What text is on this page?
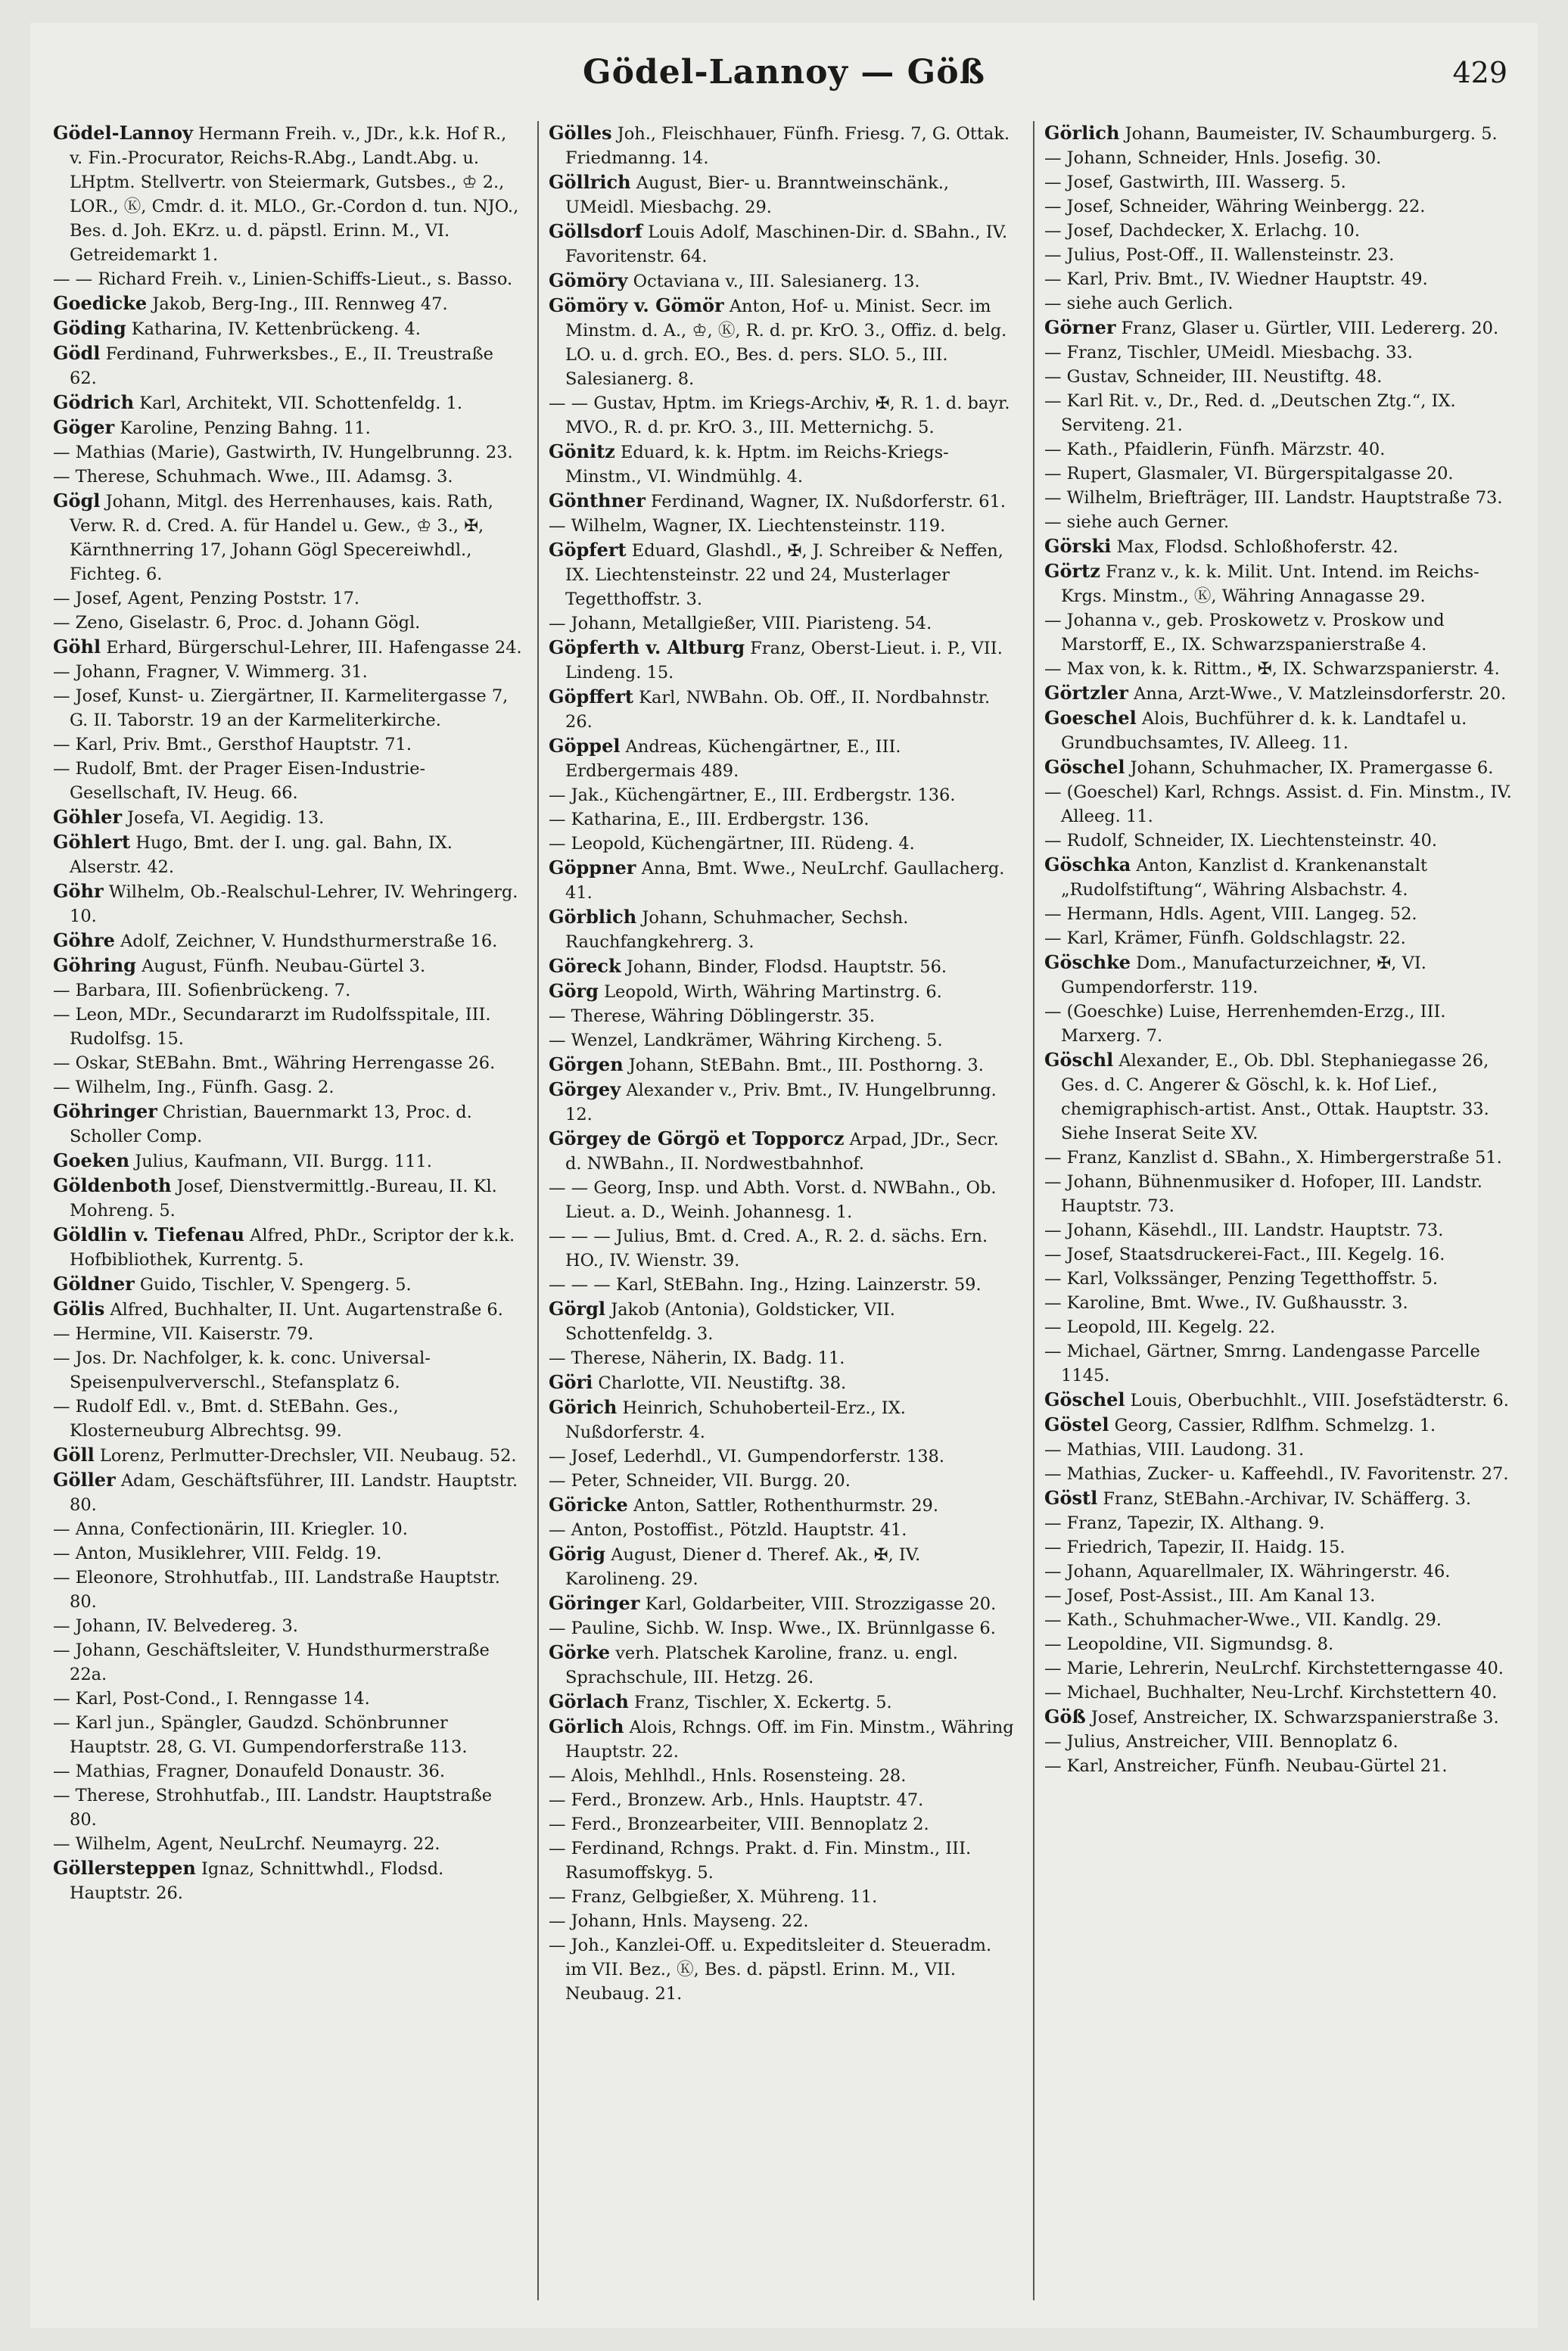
Gödel-Lannoy — Göß	429

Gödel-Lannoy Hermann Freih. v., JDr., k.k. Hof R., v. Fin.-Procurator, Reichs-R.Abg., Landt.Abg. u. LHptm. Stellvertr. von Steiermark, Gutsbes., ♔ 2., LOR., Ⓚ, Cmdr. d. it. MLO., Gr.-Cordon d. tun. NJO., Bes. d. Joh. EKrz. u. d. päpstl. Erinn. M., VI. Getreidemarkt 1.

— — Richard Freih. v., Linien-Schiffs-Lieut., s. Basso.

Goedicke Jakob, Berg-Ing., III. Rennweg 47.

Göding Katharina, IV. Kettenbrückeng. 4.

Gödl Ferdinand, Fuhrwerksbes., E., II. Treustraße 62.

Gödrich Karl, Architekt, VII. Schottenfeldg. 1.

Göger Karoline, Penzing Bahng. 11.

— Mathias (Marie), Gastwirth, IV. Hungelbrunng. 23.

— Therese, Schuhmach. Wwe., III. Adamsg. 3.

Gögl Johann, Mitgl. des Herrenhauses, kais. Rath, Verw. R. d. Cred. A. für Handel u. Gew., ♔ 3., ✠, Kärnthnerring 17, Johann Gögl Specereiwhdl., Fichteg. 6.

— Josef, Agent, Penzing Poststr. 17.

— Zeno, Giselastr. 6, Proc. d. Johann Gögl.

Göhl Erhard, Bürgerschul-Lehrer, III. Hafengasse 24.

— Johann, Fragner, V. Wimmerg. 31.

— Josef, Kunst- u. Ziergärtner, II. Karmelitergasse 7, G. II. Taborstr. 19 an der Karmeliterkirche.

— Karl, Priv. Bmt., Gersthof Hauptstr. 71.

— Rudolf, Bmt. der Prager Eisen-Industrie-Gesellschaft, IV. Heug. 66.

Göhler Josefa, VI. Aegidig. 13.

Göhlert Hugo, Bmt. der I. ung. gal. Bahn, IX. Alserstr. 42.

Göhr Wilhelm, Ob.-Realschul-Lehrer, IV. Wehringerg. 10.

Göhre Adolf, Zeichner, V. Hundsthurmerstraße 16.

Göhring August, Fünfh. Neubau-Gürtel 3.

— Barbara, III. Sofienbrückeng. 7.

— Leon, MDr., Secundararzt im Rudolfsspitale, III. Rudolfsg. 15.

— Oskar, StEBahn. Bmt., Währing Herrengasse 26.

— Wilhelm, Ing., Fünfh. Gasg. 2.

Göhringer Christian, Bauernmarkt 13, Proc. d. Scholler Comp.

Goeken Julius, Kaufmann, VII. Burgg. 111.

Göldenboth Josef, Dienstvermittlg.-Bureau, II. Kl. Mohreng. 5.

Göldlin v. Tiefenau Alfred, PhDr., Scriptor der k.k. Hofbibliothek, Kurrentg. 5.

Göldner Guido, Tischler, V. Spengerg. 5.

Gölis Alfred, Buchhalter, II. Unt. Augartenstraße 6.

— Hermine, VII. Kaiserstr. 79.

— Jos. Dr. Nachfolger, k. k. conc. Universal-Speisenpulververschl., Stefansplatz 6.

— Rudolf Edl. v., Bmt. d. StEBahn. Ges., Klosterneuburg Albrechtsg. 99.

Göll Lorenz, Perlmutter-Drechsler, VII. Neubaug. 52.

Göller Adam, Geschäftsführer, III. Landstr. Hauptstr. 80.

— Anna, Confectionärin, III. Kriegler. 10.

— Anton, Musiklehrer, VIII. Feldg. 19.

— Eleonore, Strohhutfab., III. Landstraße Hauptstr. 80.

— Johann, IV. Belvedereg. 3.

— Johann, Geschäftsleiter, V. Hundsthurmerstraße 22a.

— Karl, Post-Cond., I. Renngasse 14.

— Karl jun., Spängler, Gaudzd. Schönbrunner Hauptstr. 28, G. VI. Gumpendorferstraße 113.

— Mathias, Fragner, Donaufeld Donaustr. 36.

— Therese, Strohhutfab., III. Landstr. Hauptstraße 80.

— Wilhelm, Agent, NeuLrchf. Neumayrg. 22.

Göllersteppen Ignaz, Schnittwhdl., Flodsd. Hauptstr. 26.

Gölles Joh., Fleischhauer, Fünfh. Friesg. 7, G. Ottak. Friedmanng. 14.

Göllrich August, Bier- u. Branntweinschänk., UMeidl. Miesbachg. 29.

Göllsdorf Louis Adolf, Maschinen-Dir. d. SBahn., IV. Favoritenstr. 64.

Gömöry Octaviana v., III. Salesianerg. 13.

Gömöry v. Gömör Anton, Hof- u. Minist. Secr. im Minstm. d. A., ♔, Ⓚ, R. d. pr. KrO. 3., Offiz. d. belg. LO. u. d. grch. EO., Bes. d. pers. SLO. 5., III. Salesianerg. 8.

— — Gustav, Hptm. im Kriegs-Archiv, ✠, R. 1. d. bayr. MVO., R. d. pr. KrO. 3., III. Metternichg. 5.

Gönitz Eduard, k. k. Hptm. im Reichs-Kriegs-Minstm., VI. Windmühlg. 4.

Gönthner Ferdinand, Wagner, IX. Nußdorferstr. 61.

— Wilhelm, Wagner, IX. Liechtensteinstr. 119.

Göpfert Eduard, Glashdl., ✠, J. Schreiber & Neffen, IX. Liechtensteinstr. 22 und 24, Musterlager Tegetthoffstr. 3.

— Johann, Metallgießer, VIII. Piaristeng. 54.

Göpferth v. Altburg Franz, Oberst-Lieut. i. P., VII. Lindeng. 15.

Göpffert Karl, NWBahn. Ob. Off., II. Nordbahnstr. 26.

Göppel Andreas, Küchengärtner, E., III. Erdbergermais 489.

— Jak., Küchengärtner, E., III. Erdbergstr. 136.

— Katharina, E., III. Erdbergstr. 136.

— Leopold, Küchengärtner, III. Rüdeng. 4.

Göppner Anna, Bmt. Wwe., NeuLrchf. Gaullacherg. 41.

Görblich Johann, Schuhmacher, Sechsh. Rauchfangkehrerg. 3.

Göreck Johann, Binder, Flodsd. Hauptstr. 56.

Görg Leopold, Wirth, Währing Martinstrg. 6.

— Therese, Währing Döblingerstr. 35.

— Wenzel, Landkrämer, Währing Kircheng. 5.

Görgen Johann, StEBahn. Bmt., III. Posthorng. 3.

Görgey Alexander v., Priv. Bmt., IV. Hungelbrunng. 12.

Görgey de Görgö et Topporcz Arpad, JDr., Secr. d. NWBahn., II. Nordwestbahnhof.

— — Georg, Insp. und Abth. Vorst. d. NWBahn., Ob. Lieut. a. D., Weinh. Johannesg. 1.

— — — Julius, Bmt. d. Cred. A., R. 2. d. sächs. Ern. HO., IV. Wienstr. 39.

— — — Karl, StEBahn. Ing., Hzing. Lainzerstr. 59.

Görgl Jakob (Antonia), Goldsticker, VII. Schottenfeldg. 3.

— Therese, Näherin, IX. Badg. 11.

Göri Charlotte, VII. Neustiftg. 38.

Görich Heinrich, Schuhoberteil-Erz., IX. Nußdorferstr. 4.

— Josef, Lederhdl., VI. Gumpendorferstr. 138.

— Peter, Schneider, VII. Burgg. 20.

Göricke Anton, Sattler, Rothenthurmstr. 29.

— Anton, Postoffist., Pötzld. Hauptstr. 41.

Görig August, Diener d. Theref. Ak., ✠, IV. Karolineng. 29.

Göringer Karl, Goldarbeiter, VIII. Strozzigasse 20.

— Pauline, Sichb. W. Insp. Wwe., IX. Brünnlgasse 6.

Görke verh. Platschek Karoline, franz. u. engl. Sprachschule, III. Hetzg. 26.

Görlach Franz, Tischler, X. Eckertg. 5.

Görlich Alois, Rchngs. Off. im Fin. Minstm., Währing Hauptstr. 22.

— Alois, Mehlhdl., Hnls. Rosensteing. 28.

— Ferd., Bronzew. Arb., Hnls. Hauptstr. 47.

— Ferd., Bronzearbeiter, VIII. Bennoplatz 2.

— Ferdinand, Rchngs. Prakt. d. Fin. Minstm., III. Rasumoffskyg. 5.

— Franz, Gelbgießer, X. Mühreng. 11.

— Johann, Hnls. Mayseng. 22.

— Joh., Kanzlei-Off. u. Expeditsleiter d. Steueradm. im VII. Bez., Ⓚ, Bes. d. päpstl. Erinn. M., VII. Neubaug. 21.

Görlich Johann, Baumeister, IV. Schaumburgerg. 5.

— Johann, Schneider, Hnls. Josefig. 30.

— Josef, Gastwirth, III. Wasserg. 5.

— Josef, Schneider, Währing Weinbergg. 22.

— Josef, Dachdecker, X. Erlachg. 10.

— Julius, Post-Off., II. Wallensteinstr. 23.

— Karl, Priv. Bmt., IV. Wiedner Hauptstr. 49.

— siehe auch Gerlich.

Görner Franz, Glaser u. Gürtler, VIII. Ledererg. 20.

— Franz, Tischler, UMeidl. Miesbachg. 33.

— Gustav, Schneider, III. Neustiftg. 48.

— Karl Rit. v., Dr., Red. d. „Deutschen Ztg.“, IX. Serviteng. 21.

— Kath., Pfaidlerin, Fünfh. Märzstr. 40.

— Rupert, Glasmaler, VI. Bürgerspitalgasse 20.

— Wilhelm, Briefträger, III. Landstr. Hauptstraße 73.

— siehe auch Gerner.

Görski Max, Flodsd. Schloßhoferstr. 42.

Görtz Franz v., k. k. Milit. Unt. Intend. im Reichs-Krgs. Minstm., Ⓚ, Währing Annagasse 29.

— Johanna v., geb. Proskowetz v. Proskow und Marstorff, E., IX. Schwarzspanierstraße 4.

— Max von, k. k. Rittm., ✠, IX. Schwarzspanierstr. 4.

Görtzler Anna, Arzt-Wwe., V. Matzleinsdorferstr. 20.

Goeschel Alois, Buchführer d. k. k. Landtafel u. Grundbuchsamtes, IV. Alleeg. 11.

Göschel Johann, Schuhmacher, IX. Pramergasse 6.

— (Goeschel) Karl, Rchngs. Assist. d. Fin. Minstm., IV. Alleeg. 11.

— Rudolf, Schneider, IX. Liechtensteinstr. 40.

Göschka Anton, Kanzlist d. Krankenanstalt „Rudolfstiftung“, Währing Alsbachstr. 4.

— Hermann, Hdls. Agent, VIII. Langeg. 52.

— Karl, Krämer, Fünfh. Goldschlagstr. 22.

Göschke Dom., Manufacturzeichner, ✠, VI. Gumpendorferstr. 119.

— (Goeschke) Luise, Herrenhemden-Erzg., III. Marxerg. 7.

Göschl Alexander, E., Ob. Dbl. Stephaniegasse 26, Ges. d. C. Angerer & Göschl, k. k. Hof Lief., chemigraphisch-artist. Anst., Ottak. Hauptstr. 33. Siehe Inserat Seite XV.

— Franz, Kanzlist d. SBahn., X. Himbergerstraße 51.

— Johann, Bühnenmusiker d. Hofoper, III. Landstr. Hauptstr. 73.

— Johann, Käsehdl., III. Landstr. Hauptstr. 73.

— Josef, Staatsdruckerei-Fact., III. Kegelg. 16.

— Karl, Volkssänger, Penzing Tegetthoffstr. 5.

— Karoline, Bmt. Wwe., IV. Gußhausstr. 3.

— Leopold, III. Kegelg. 22.

— Michael, Gärtner, Smrng. Landengasse Parcelle 1145.

Göschel Louis, Oberbuchhlt., VIII. Josefstädterstr. 6.

Göstel Georg, Cassier, Rdlfhm. Schmelzg. 1.

— Mathias, VIII. Laudong. 31.

— Mathias, Zucker- u. Kaffeehdl., IV. Favoritenstr. 27.

Göstl Franz, StEBahn.-Archivar, IV. Schäfferg. 3.

— Franz, Tapezir, IX. Althang. 9.

— Friedrich, Tapezir, II. Haidg. 15.

— Johann, Aquarellmaler, IX. Währingerstr. 46.

— Josef, Post-Assist., III. Am Kanal 13.

— Kath., Schuhmacher-Wwe., VII. Kandlg. 29.

— Leopoldine, VII. Sigmundsg. 8.

— Marie, Lehrerin, NeuLrchf. Kirchstetterngasse 40.

— Michael, Buchhalter, Neu-Lrchf. Kirchstettern 40.

Göß Josef, Anstreicher, IX. Schwarzspanierstraße 3.

— Julius, Anstreicher, VIII. Bennoplatz 6.

— Karl, Anstreicher, Fünfh. Neubau-Gürtel 21.
